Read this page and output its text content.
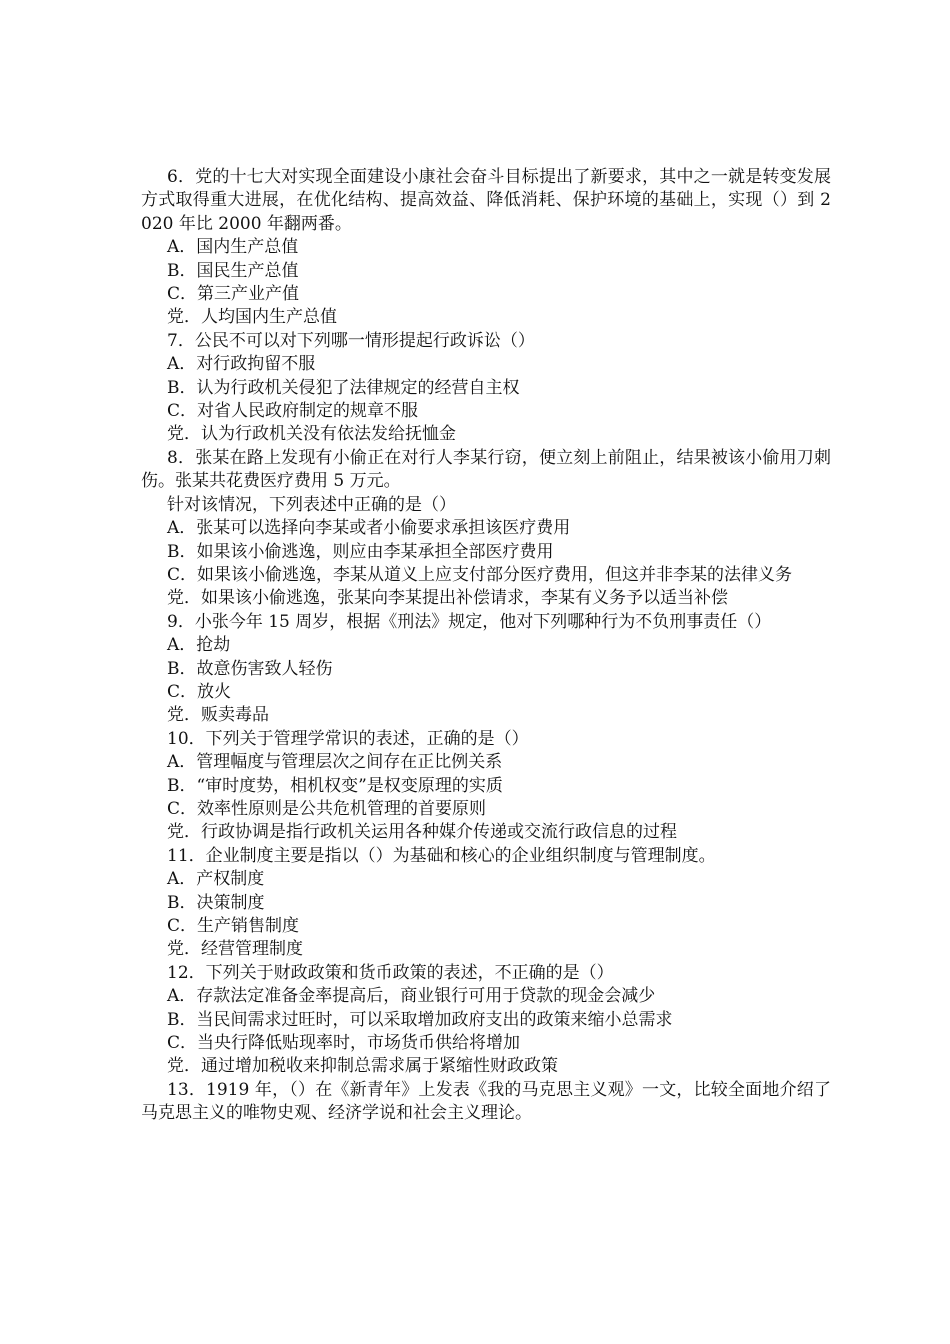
6．党的十七大对实现全面建设小康社会奋斗目标提出了新要求，其中之一就是转变发展方式取得重大进展，在优化结构、提高效益、降低消耗、保护环境的基础上，实现（）到 2020 年比 2000 年翻两番。
A．国内生产总值
B．国民生产总值
C．第三产业产值
党．人均国内生产总值
7．公民不可以对下列哪一情形提起行政诉讼（）
A．对行政拘留不服
B．认为行政机关侵犯了法律规定的经营自主权
C．对省人民政府制定的规章不服
党．认为行政机关没有依法发给抚恤金
8．张某在路上发现有小偷正在对行人李某行窃，便立刻上前阻止，结果被该小偷用刀刺伤。张某共花费医疗费用 5 万元。
针对该情况，下列表述中正确的是（）
A．张某可以选择向李某或者小偷要求承担该医疗费用
B．如果该小偷逃逸，则应由李某承担全部医疗费用
C．如果该小偷逃逸，李某从道义上应支付部分医疗费用，但这并非李某的法律义务
党．如果该小偷逃逸，张某向李某提出补偿请求，李某有义务予以适当补偿
9．小张今年 15 周岁，根据《刑法》规定，他对下列哪种行为不负刑事责任（）
A．抢劫
B．故意伤害致人轻伤
C．放火
党．贩卖毒品
10．下列关于管理学常识的表述，正确的是（）
A．管理幅度与管理层次之间存在正比例关系
B．“审时度势，相机权变”是权变原理的实质
C．效率性原则是公共危机管理的首要原则
党．行政协调是指行政机关运用各种媒介传递或交流行政信息的过程
11．企业制度主要是指以（）为基础和核心的企业组织制度与管理制度。
A．产权制度
B．决策制度
C．生产销售制度
党．经营管理制度
12．下列关于财政政策和货币政策的表述，不正确的是（）
A．存款法定准备金率提高后，商业银行可用于贷款的现金会减少
B．当民间需求过旺时，可以采取增加政府支出的政策来缩小总需求
C．当央行降低贴现率时，市场货币供给将增加
党．通过增加税收来抑制总需求属于紧缩性财政政策
13．1919 年，（）在《新青年》上发表《我的马克思主义观》一文，比较全面地介绍了马克思主义的唯物史观、经济学说和社会主义理论。
